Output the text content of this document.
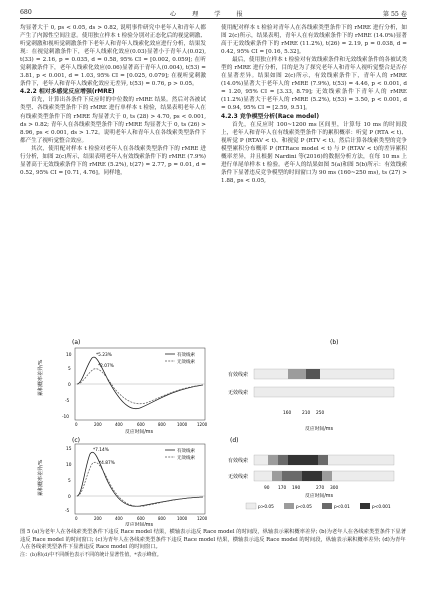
680	心 理 学 报	第 55 卷

均显著大于 0, ps < 0.05, ds > 0.82, 说明事件研究中老年人和青年人都产生了内源性空间注意。使用独立样本 t 检验分别对正态化后的视觉刺激、听觉刺激和视听觉刺激条件下老年人和青年人线索化效应进行分析，结果发现：在视觉刺激条件下，老年人线索化效应(0.03)显著小于青年人(0.02), t(33) = 2.16, p = 0.035, d = 0.58, 95% CI = [0.002, 0.059]; 在听觉刺激条件下，老年人线索化效应(0.06)显著高于青年人(0.004), t(53) = 3.81, p < 0.001, d = 1.03, 95% CI = [0.025, 0.079]; 在视听觉刺激条件下，老年人和青年人线索化效应无差异, t(53) = 0.76, p > 0.05。

4.2.2 相对多感觉反应增强(rMRE)

首先，计算出各条件下反应时的中位数的 rMRE 结果。然后对各被试类型、各线索类型条件下的 rMRE 进行单样本 t 检验，结果表明老年人在有线索类型条件下的 rMRE 均显著大于 0, ts (28) > 4.70, ps < 0.001, ds > 0.82; 青年人在各线索类型条件下的 rMRE 均显著大于 0, ts (26) > 8.96, ps < 0.001, ds > 1.72。说明老年人和青年人在各线索类型条件下都产生了视听觉整合效应。

其次，使用配对样本 t 检验对老年人在各线索类型条件下的 rMRE 进行分析，如图 2(c)所示，结果表明老年人有效线索条件下的 rMRE (7.9%)显著高于无效线索条件下的 rMRE (5.2%), t(27) = 2.77, p = 0.01, d = 0.52, 95% CI = [0.71, 4.76]。同样地，

使用配对样本 t 检验对青年人在各线索类型条件下的 rMRE 进行分析，如图 2(c)所示，结果表明，青年人在有效线索条件下的 rMRE (14.0%)显著高于无效线索条件下的 rMRE (11.2%), t(26) = 2.19, p = 0.038, d = 0.42, 95% CI = [0.16, 5.32]。

最后，使用独立样本 t 检验对有效线索条件和无效线索条件的各被试类型的 rMRE 进行分析，目的是为了探究老年人和青年人视听觉整合是否存在显著差异。结果如图 2(c)所示，有效线索条件下，青年人的 rMRE (14.0%)显著大于老年人的 rMRE (7.9%), t(53) = 4.46, p < 0.001, d = 1.20, 95% CI = [3.33, 8.79]; 无效线索条件下青年人的 rMRE (11.2%)显著大于老年人的 rMRE (5.2%), t(53) = 3.50, p < 0.001, d = 0.94, 95% CI = [2.59, 9.51]。

4.2.3 竞争模型分析(Race model)

首先，在反应时 100~1200 ms 区间里，计算每 10 ms 的时间段上，老年人和青年人在有线索类型条件下的累积概率：听觉 P (RTA < t)、视听觉 P (RTAV < t)、和视觉 P (RTV < t)。然后计算各线索类型的竞争模型累积分布概率 P (RTRace model < t) 与 P (RTAV < t)的差异累积概率差异，并且根据 Nardini 等(2016)的数据分析方法，在每 10 ms 上进行单尾单样本 t 检验。老年人的结果如图 5(a)和图 5(b)所示：有效线索条件下显著违反竞争模型的时间窗口为 90 ms (160~250 ms), ts (27) > 1.88, ps < 0.05,

(a)
累积概率差异/%
10
5
0
-5
-10
*5.23%
*2.07%
有效线索
无效线索
0	200	400	600	800	1000 1200
反应时间/ms
(b)
有效线索
无效线索
160	210 250
反应时间/ms
(c)
累积概率差异/%
15
10
5
0
-5
*7.14%
*4.87%
有效线索
无效线索
0	200	400	600	800	1000 1200
反应时间/ms
(d)
有效线索
无效线索
90 170 190	270 300
反应时间/ms
p>0.05	p<0.05	p<0.01	p<0.001

图 5 (a)为老年人在各线索类型条件下违反 Race model 结果，横轴表示违反 Race model 的时间段，纵轴表示累积概率差异; (b)为老年人在各线索类型条件下显著违反 Race model 的时间窗口; (c)为青年人在各线索类型条件下违反 Race model 结果，横轴表示违反 Race model 的时间段，纵轴表示累积概率差异; (d)为青年人在各线索类型条件下显著违反 Race model 的时间窗口。

注：(b)和(d)中不同颜色表示不同的统计显著性值，*表示峰值。
